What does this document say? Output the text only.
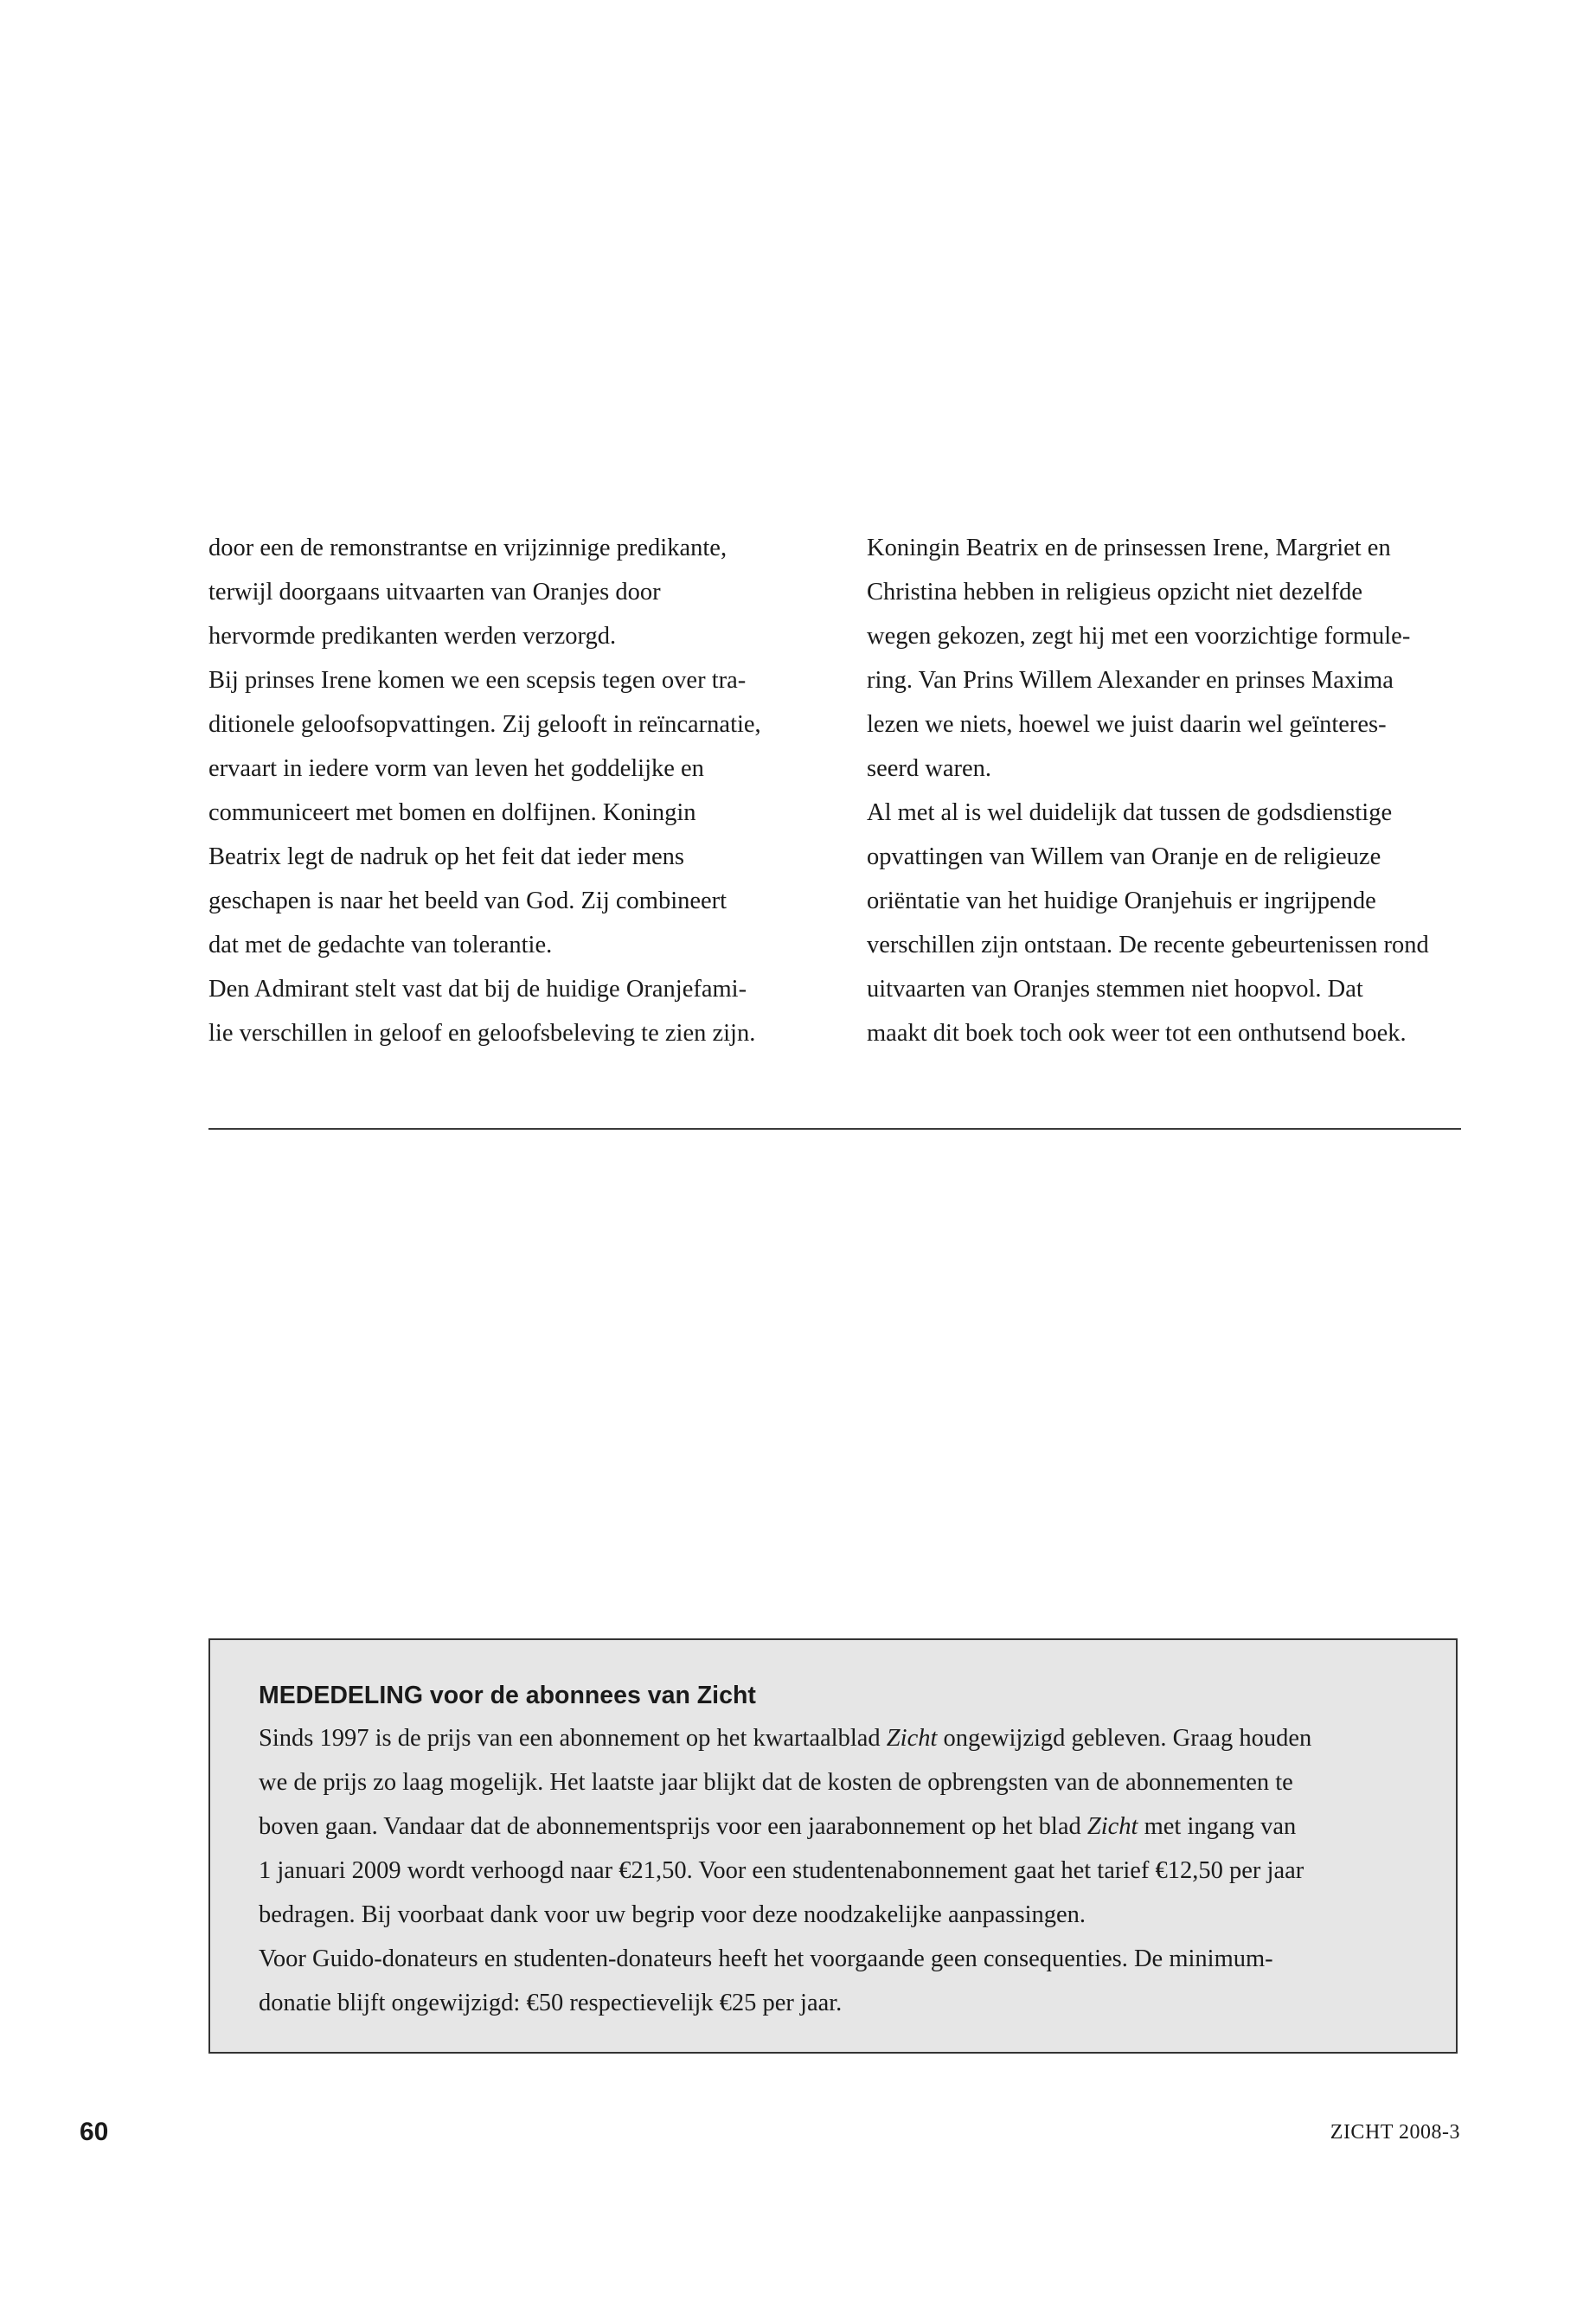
door een de remonstrantse en vrijzinnige predikante,
terwijl doorgaans uitvaarten van Oranjes door
hervormde predikanten werden verzorgd.
Bij prinses Irene komen we een scepsis tegen over tra-
ditionele geloofsopvattingen. Zij gelooft in reïncarnatie,
ervaart in iedere vorm van leven het goddelijke en
communiceert met bomen en dolfijnen. Koningin
Beatrix legt de nadruk op het feit dat ieder mens
geschapen is naar het beeld van God. Zij combineert
dat met de gedachte van tolerantie.
Den Admirant stelt vast dat bij de huidige Oranjefami-
lie verschillen in geloof en geloofsbeleving te zien zijn.
Koningin Beatrix en de prinsessen Irene, Margriet en
Christina hebben in religieus opzicht niet dezelfde
wegen gekozen, zegt hij met een voorzichtige formule-
ring. Van Prins Willem Alexander en prinses Maxima
lezen we niets, hoewel we juist daarin wel geïnteres-
seerd waren.
Al met al is wel duidelijk dat tussen de godsdienstige
opvattingen van Willem van Oranje en de religieuze
oriëntatie van het huidige Oranjehuis er ingrijpende
verschillen zijn ontstaan. De recente gebeurtenissen rond
uitvaarten van Oranjes stemmen niet hoopvol. Dat
maakt dit boek toch ook weer tot een onthutsend boek.
MEDEDELING voor de abonnees van Zicht
Sinds 1997 is de prijs van een abonnement op het kwartaalblad Zicht ongewijzigd gebleven. Graag houden
we de prijs zo laag mogelijk. Het laatste jaar blijkt dat de kosten de opbrengsten van de abonnementen te
boven gaan. Vandaar dat de abonnementsprijs voor een jaarabonnement op het blad Zicht met ingang van
1 januari 2009 wordt verhoogd naar €21,50. Voor een studentenabonnement gaat het tarief €12,50 per jaar
bedragen. Bij voorbaat dank voor uw begrip voor deze noodzakelijke aanpassingen.
Voor Guido-donateurs en studenten-donateurs heeft het voorgaande geen consequenties. De minimum-
donatie blijft ongewijzigd: €50 respectievelijk €25 per jaar.
60	ZICHT 2008-3
